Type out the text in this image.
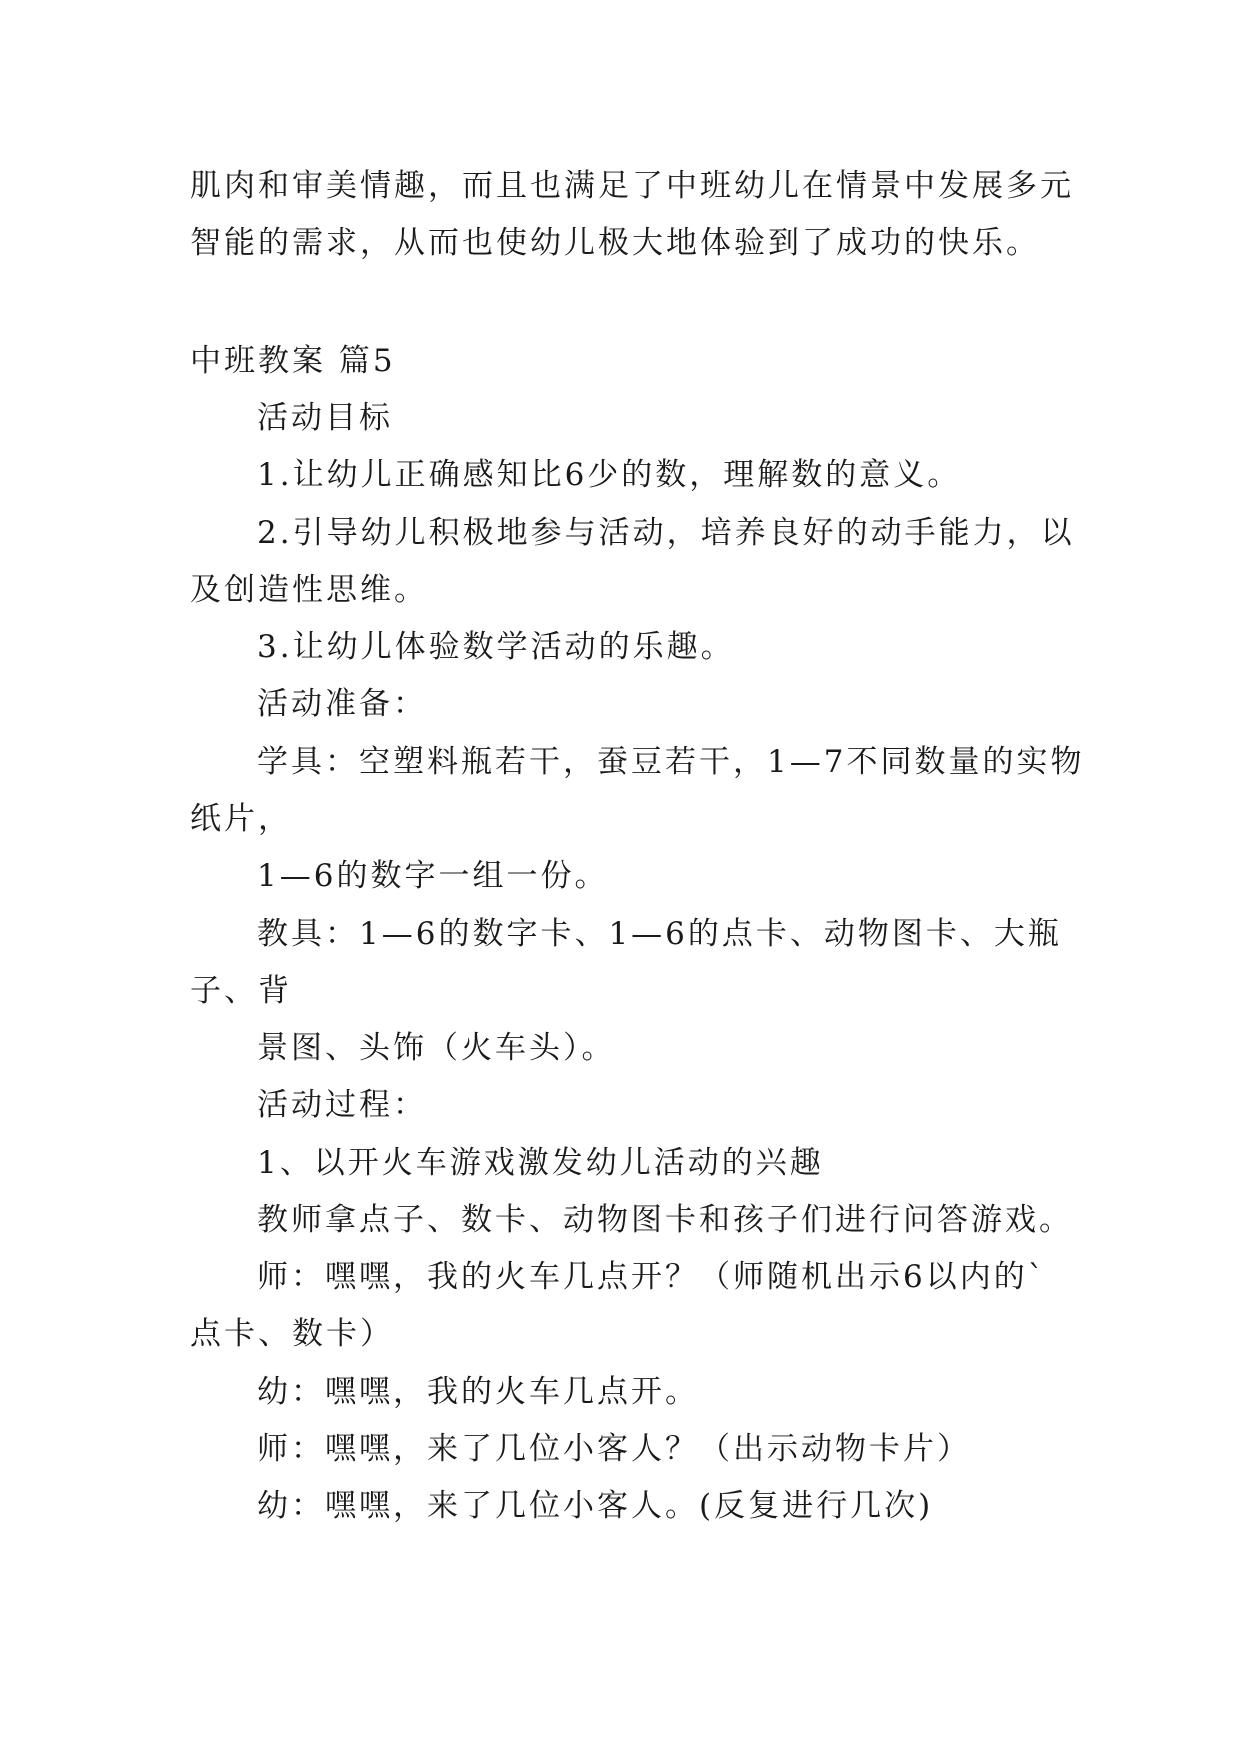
肌肉和审美情趣，而且也满足了中班幼儿在情景中发展多元
智能的需求，从而也使幼儿极大地体验到了成功的快乐。
中班教案 篇5
活动目标
1.让幼儿正确感知比6少的数，理解数的意义。
2.引导幼儿积极地参与活动，培养良好的动手能力，以
及创造性思维。
3.让幼儿体验数学活动的乐趣。
活动准备：
学具：空塑料瓶若干，蚕豆若干，1—7不同数量的实物
纸片，
1—6的数字一组一份。
教具：1—6的数字卡、1—6的点卡、动物图卡、大瓶
子、背
景图、头饰（火车头）。
活动过程：
1、以开火车游戏激发幼儿活动的兴趣
教师拿点子、数卡、动物图卡和孩子们进行问答游戏。
师：嘿嘿，我的火车几点开？（师随机出示6以内的`
点卡、数卡）
幼：嘿嘿，我的火车几点开。
师：嘿嘿，来了几位小客人？（出示动物卡片）
幼：嘿嘿，来了几位小客人。(反复进行几次)
